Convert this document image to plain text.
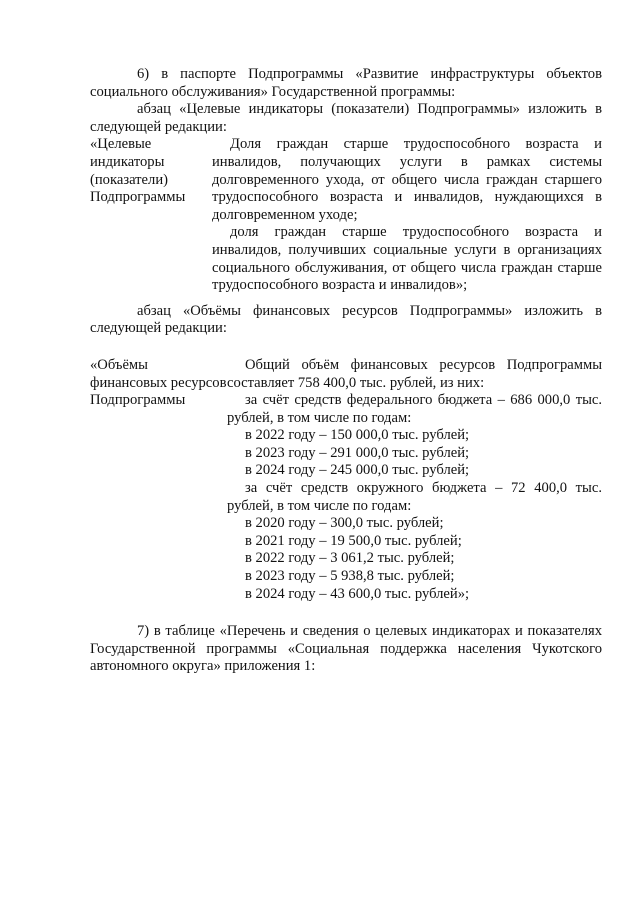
6) в паспорте Подпрограммы «Развитие инфраструктуры объектов социального обслуживания» Государственной программы:

абзац «Целевые индикаторы (показатели) Подпрограммы» изложить в следующей редакции:

«Целевые индикаторы (показатели) Подпрограммы

Доля граждан старше трудоспособного возраста и инвалидов, получающих услуги в рамках системы долговременного ухода, от общего числа граждан старшего трудоспособного возраста и инвалидов, нуждающихся в долговременном уходе;

доля граждан старше трудоспособного возраста и инвалидов, получивших социальные услуги в организациях социального обслуживания, от общего числа граждан старше трудоспособного возраста и инвалидов»;

абзац «Объёмы финансовых ресурсов Подпрограммы» изложить в следующей редакции:

«Объёмы финансовых ресурсов Подпрограммы

Общий объём финансовых ресурсов Подпрограммы составляет 758 400,0 тыс. рублей, из них:

за счёт средств федерального бюджета – 686 000,0 тыс. рублей, в том числе по годам:

в 2022 году – 150 000,0 тыс. рублей;
в 2023 году – 291 000,0 тыс. рублей;
в 2024 году – 245 000,0 тыс. рублей;

за счёт средств окружного бюджета – 72 400,0 тыс. рублей, в том числе по годам:

в 2020 году – 300,0 тыс. рублей;
в 2021 году – 19 500,0 тыс. рублей;
в 2022 году – 3 061,2 тыс. рублей;
в 2023 году – 5 938,8 тыс. рублей;
в 2024 году – 43 600,0 тыс. рублей»;

7) в таблице «Перечень и сведения о целевых индикаторах и показателях Государственной программы «Социальная поддержка населения Чукотского автономного округа» приложения 1:
